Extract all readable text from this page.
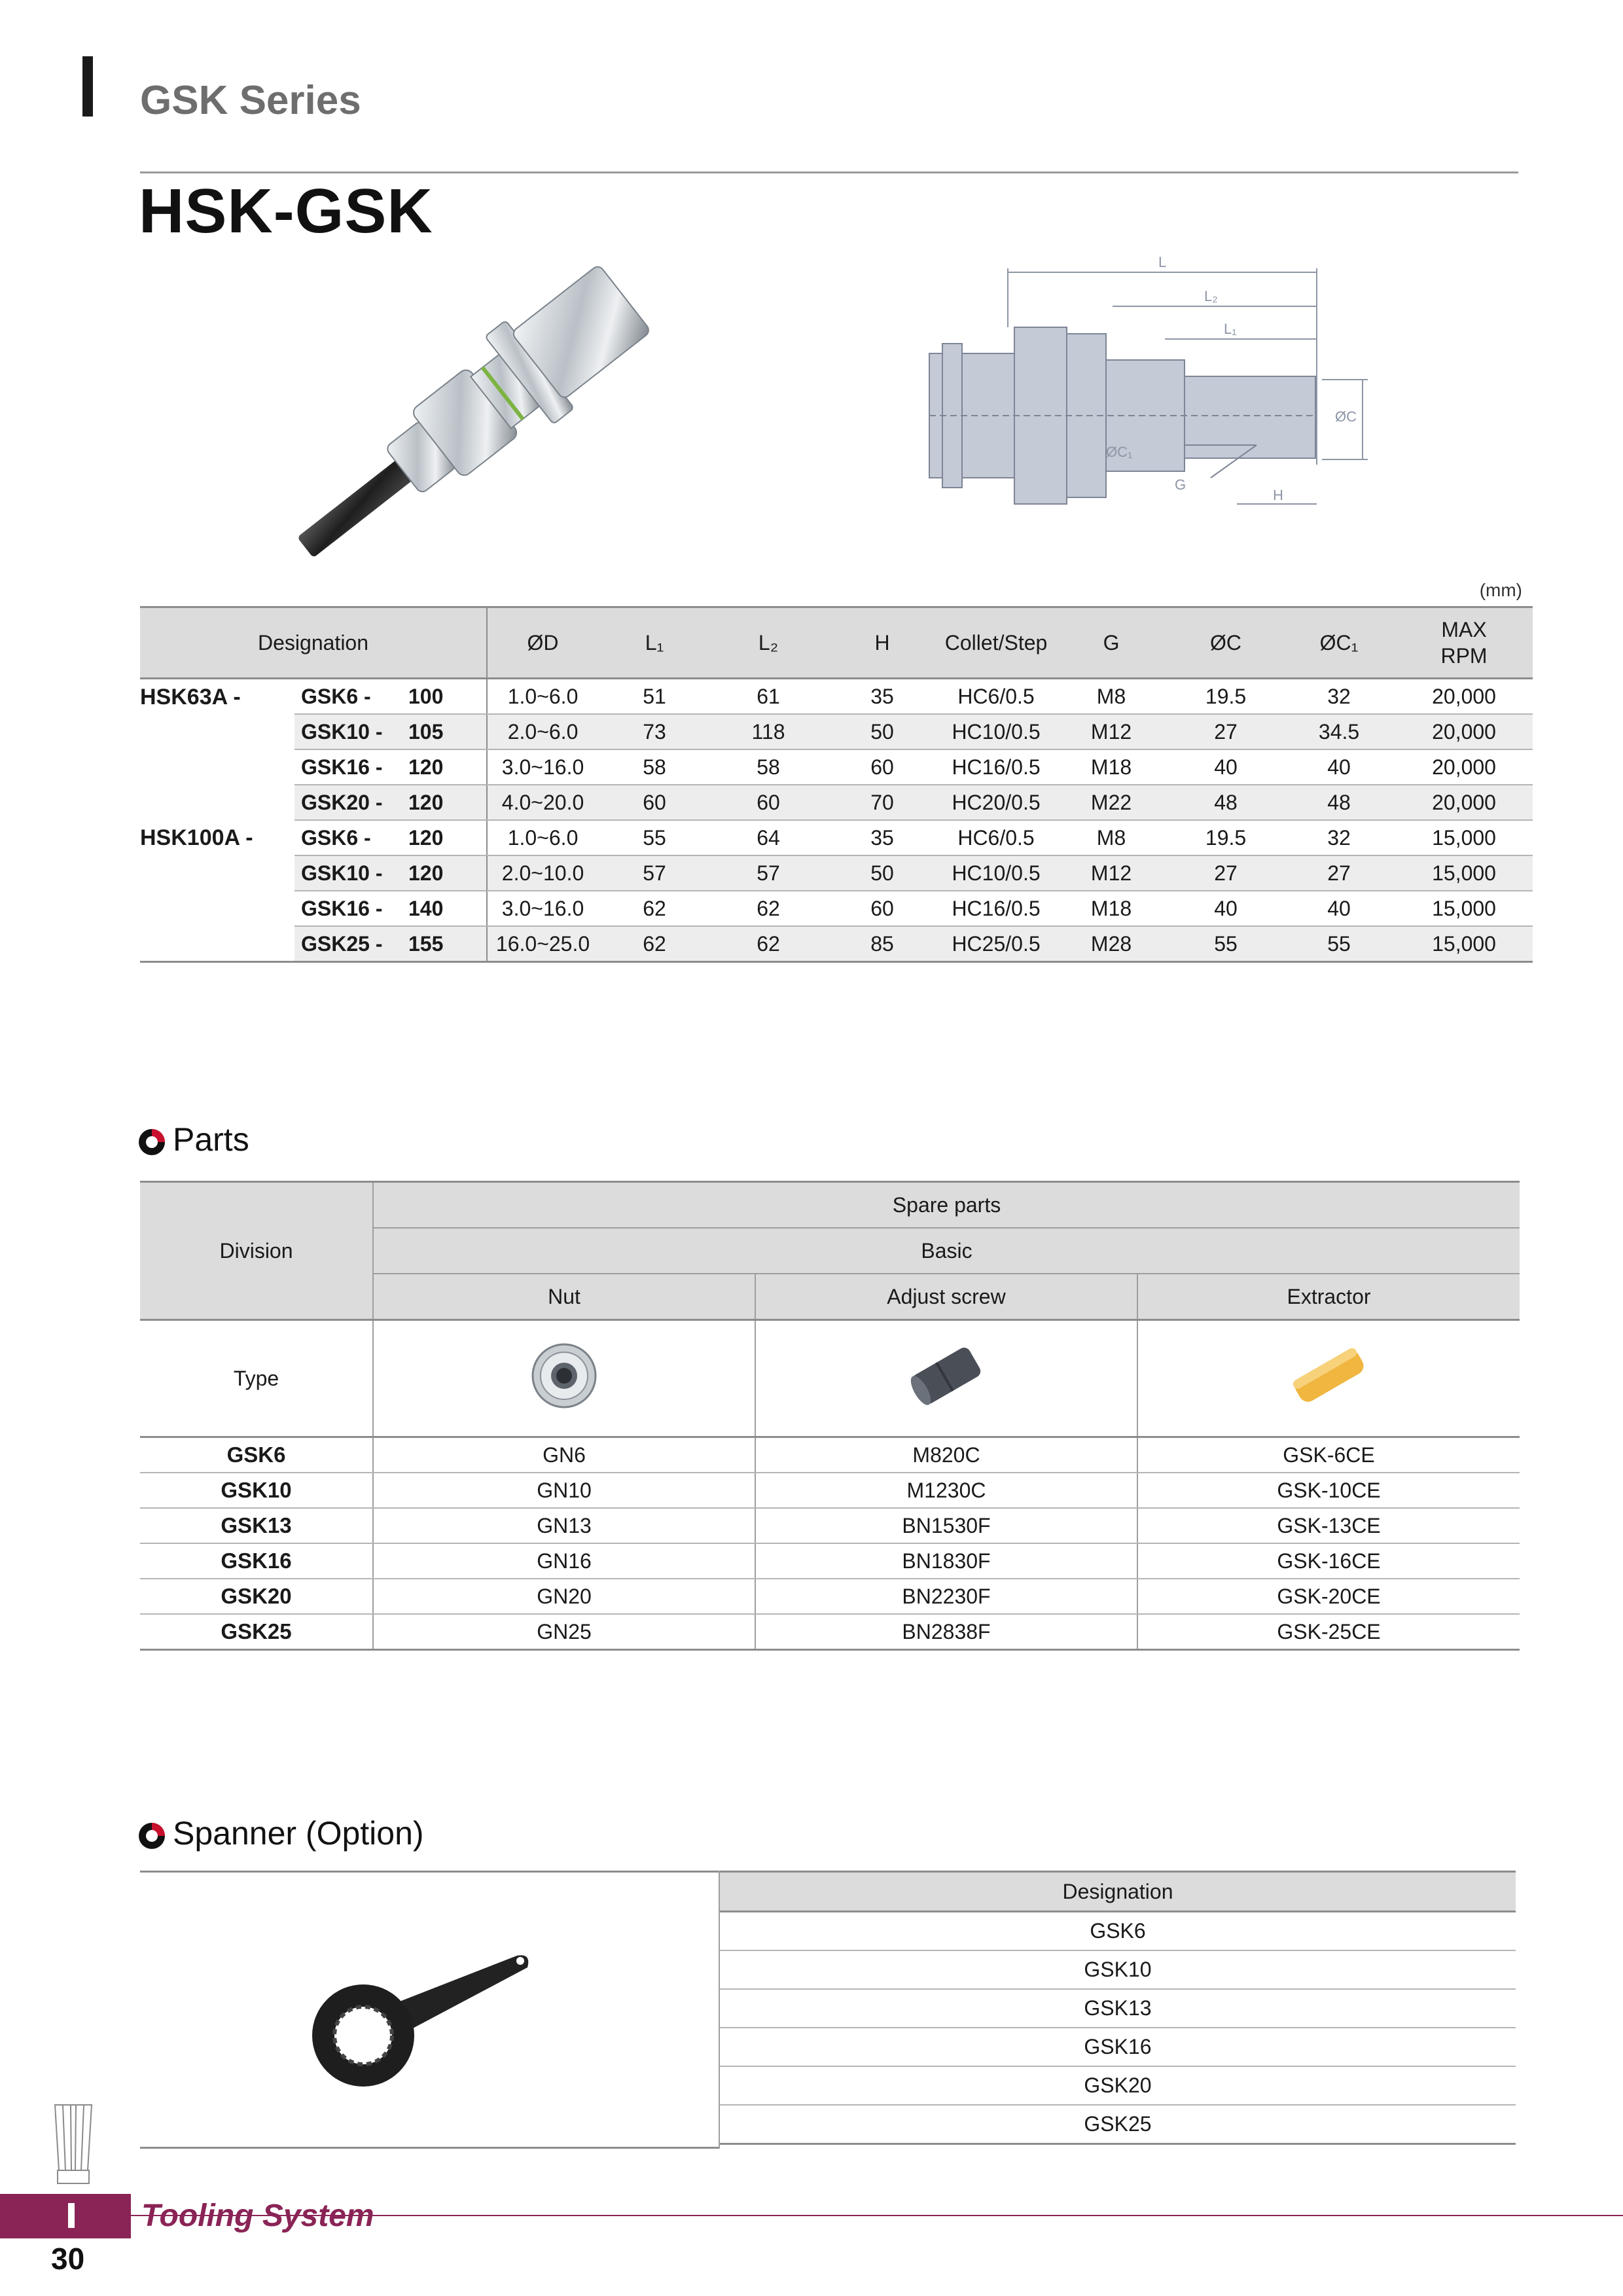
GSK Series
HSK-GSK
L
L₂
L₁
ØC
ØC₁
G
H
(mm)
Designation			ØD	L₁	L₂	H	Collet/Step	G	ØC	ØC₁	MAX
RPM
HSK63A -	GSK6 -	100	1.0~6.0	51	61	35	HC6/0.5	M8	19.5	32	20,000
	GSK10 -	105	2.0~6.0	73	118	50	HC10/0.5	M12	27	34.5	20,000
	GSK16 -	120	3.0~16.0	58	58	60	HC16/0.5	M18	40	40	20,000
	GSK20 -	120	4.0~20.0	60	60	70	HC20/0.5	M22	48	48	20,000
HSK100A -	GSK6 -	120	1.0~6.0	55	64	35	HC6/0.5	M8	19.5	32	15,000
	GSK10 -	120	2.0~10.0	57	57	50	HC10/0.5	M12	27	27	15,000
	GSK16 -	140	3.0~16.0	62	62	60	HC16/0.5	M18	40	40	15,000
	GSK25 -	155	16.0~25.0	62	62	85	HC25/0.5	M28	55	55	15,000
Parts
Division	Spare parts		
	Basic		
	Nut	Adjust screw	Extractor
Type			
GSK6	GN6	M820C	GSK-6CE
GSK10	GN10	M1230C	GSK-10CE
GSK13	GN13	BN1530F	GSK-13CE
GSK16	GN16	BN1830F	GSK-16CE
GSK20	GN20	BN2230F	GSK-20CE
GSK25	GN25	BN2838F	GSK-25CE
Spanner (Option)
Designation
GSK6
GSK10
GSK13
GSK16
GSK20
GSK25
Tooling System
30
